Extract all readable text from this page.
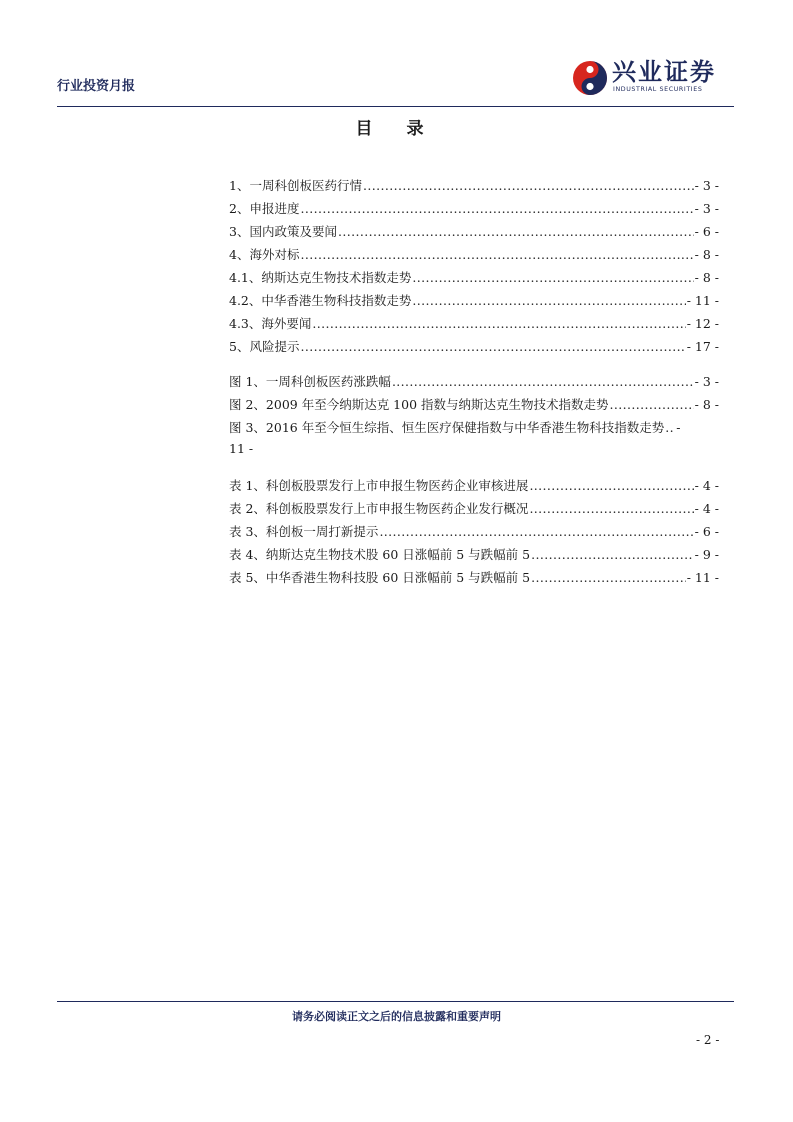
行业投资月报
兴业证券
INDUSTRIAL SECURITIES
目 录
1、一周科创板医药行情 .....	- 3 -
2、申报进度 .....	- 3 -
3、国内政策及要闻 .....	- 6 -
4、海外对标 .....	- 8 -
4.1、纳斯达克生物技术指数走势 .....	- 8 -
4.2、中华香港生物科技指数走势 .....	- 11 -
4.3、海外要闻 .....	- 12 -
5、风险提示 .....	- 17 -
图 1、一周科创板医药涨跌幅 .....	- 3 -
图 2、2009 年至今纳斯达克 100 指数与纳斯达克生物技术指数走势 .....	- 8 -
图 3、2016 年至今恒生综指、恒生医疗保健指数与中华香港生物科技指数走势 ..... -
11 -
表 1、科创板股票发行上市申报生物医药企业审核进展 .....	- 4 -
表 2、科创板股票发行上市申报生物医药企业发行概况 .....	- 4 -
表 3、科创板一周打新提示 .....	- 6 -
表 4、纳斯达克生物技术股 60 日涨幅前 5 与跌幅前 5 .....	- 9 -
表 5、中华香港生物科技股 60 日涨幅前 5 与跌幅前 5 .....	- 11 -
请务必阅读正文之后的信息披露和重要声明
- 2 -
